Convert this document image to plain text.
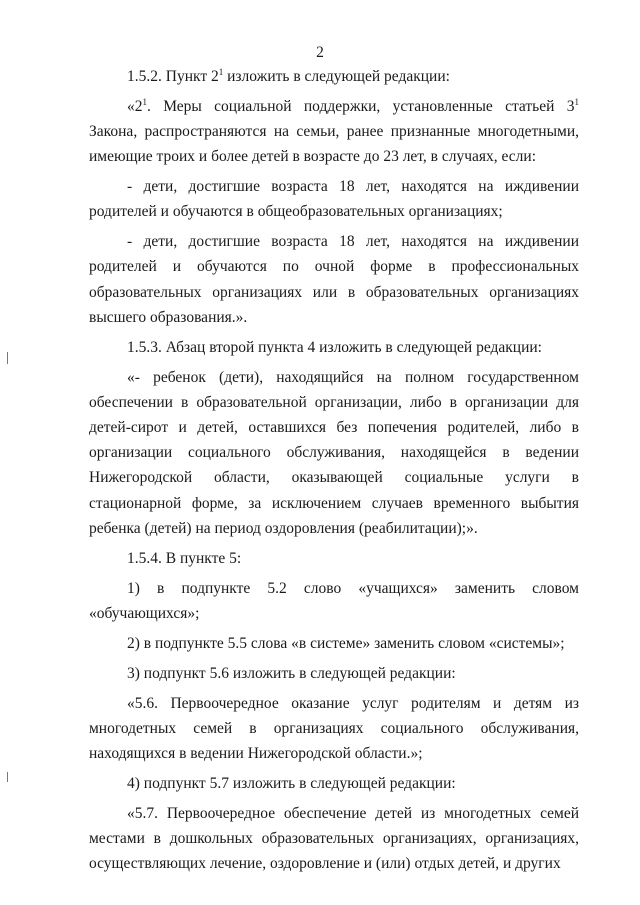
2

1.5.2. Пункт $2^1$ изложить в следующей редакции:

«$2^1$. Меры социальной поддержки, установленные статьей $3^1$ Закона, распространяются на семьи, ранее признанные многодетными, имеющие троих и более детей в возрасте до 23 лет, в случаях, если:

- дети, достигшие возраста 18 лет, находятся на иждивении родителей и обучаются в общеобразовательных организациях;

- дети, достигшие возраста 18 лет, находятся на иждивении родителей и обучаются по очной форме в профессиональных образовательных организациях или в образовательных организациях высшего образования.».

1.5.3. Абзац второй пункта 4 изложить в следующей редакции:

«- ребенок (дети), находящийся на полном государственном обеспечении в образовательной организации, либо в организации для детей-сирот и детей, оставшихся без попечения родителей, либо в организации социального обслуживания, находящейся в ведении Нижегородской области, оказывающей социальные услуги в стационарной форме, за исключением случаев временного выбытия ребенка (детей) на период оздоровления (реабилитации);».

1.5.4. В пункте 5:

1) в подпункте 5.2 слово «учащихся» заменить словом «обучающихся»;

2) в подпункте 5.5 слова «в системе» заменить словом «системы»;

3) подпункт 5.6 изложить в следующей редакции:

«5.6. Первоочередное оказание услуг родителям и детям из многодетных семей в организациях социального обслуживания, находящихся в ведении Нижегородской области.»;

4) подпункт 5.7 изложить в следующей редакции:

«5.7. Первоочередное обеспечение детей из многодетных семей местами в дошкольных образовательных организациях, организациях, осуществляющих лечение, оздоровление и (или) отдых детей, и других
